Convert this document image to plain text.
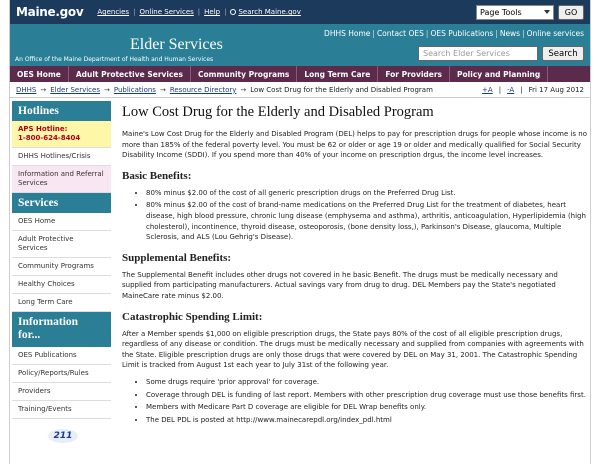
Maine.gov Agencies | Online Services | Help |	Search Maine.gov	Page Tools	GO
Elder Services
An Office of the Maine Department of Health and Human Services
DHHS Home | Contact OES | OES Publications | News | Online services
Search Elder Services	Search
OES Home	Adult Protective Services	Community Programs	Long Term Care	For Providers	Policy and Planning
DHHS → Elder Services → Publications → Resource Directory → Low Cost Drug for the Elderly and Disabled Program	+A | -A | Fri 17 Aug 2012
Hotlines
APS Hotline:
1-800-624-8404
DHHS Hotlines/Crisis
Information and Referral Services
Services
OES Home
Adult Protective Services
Community Programs
Healthy Choices
Long Term Care
Information
for...
OES Publications
Policy/Reports/Rules
Providers
Training/Events
211
Low Cost Drug for the Elderly and Disabled Program

Maine's Low Cost Drug for the Elderly and Disabled Program (DEL) helps to pay for prescription drugs for people whose income is no more than 185% of the federal poverty level. You must be 62 or older or age 19 or older and medically qualified for Social Security Disability Income (SDDI). If you spend more than 40% of your income on prescription drgus, the income level increases.

Basic Benefits:
• 80% minus $2.00 of the cost of all generic prescription drugs on the Preferred Drug List.
• 80% minus $2.00 of the cost of brand-name medications on the Preferred Drug List for the treatment of diabetes, heart disease, high blood pressure, chronic lung disease (emphysema and asthma), arthritis, anticoagulation, Hyperlipidemia (high cholesterol), incontinence, thyroid disease, osteoporosis, (bone density loss,), Parkinson's Disease, glaucoma, Multiple Sclerosis, and ALS (Lou Gehrig's Disease).
Supplemental Benefits:

The Supplemental Benefit includes other drugs not covered in he basic Benefit. The drugs must be medically necessary and supplied from participating manufacturers. Actual savings vary from drug to drug. DEL Members pay the State's negotiated MaineCare rate minus $2.00.

Catastrophic Spending Limit:

After a Member spends $1,000 on eligible prescription drugs, the State pays 80% of the cost of all eligible prescription drugs, regardless of any disease or condition. The drugs must be medically necessary and supplied from companies with agreements with the State. Eligible prescription drugs are only those drugs that were covered by DEL on May 31, 2001. The Catastrophic Spending Limit is tracked from August 1st each year to July 31st of the following year.

• Some drugs require 'prior approval' for coverage.
• Coverage through DEL is funding of last report. Members with other prescription drug coverage must use those benefits first.
• Members with Medicare Part D coverage are eligible for DEL Wrap benefits only.
• The DEL PDL is posted at http://www.mainecarepdl.org/index_pdl.html
